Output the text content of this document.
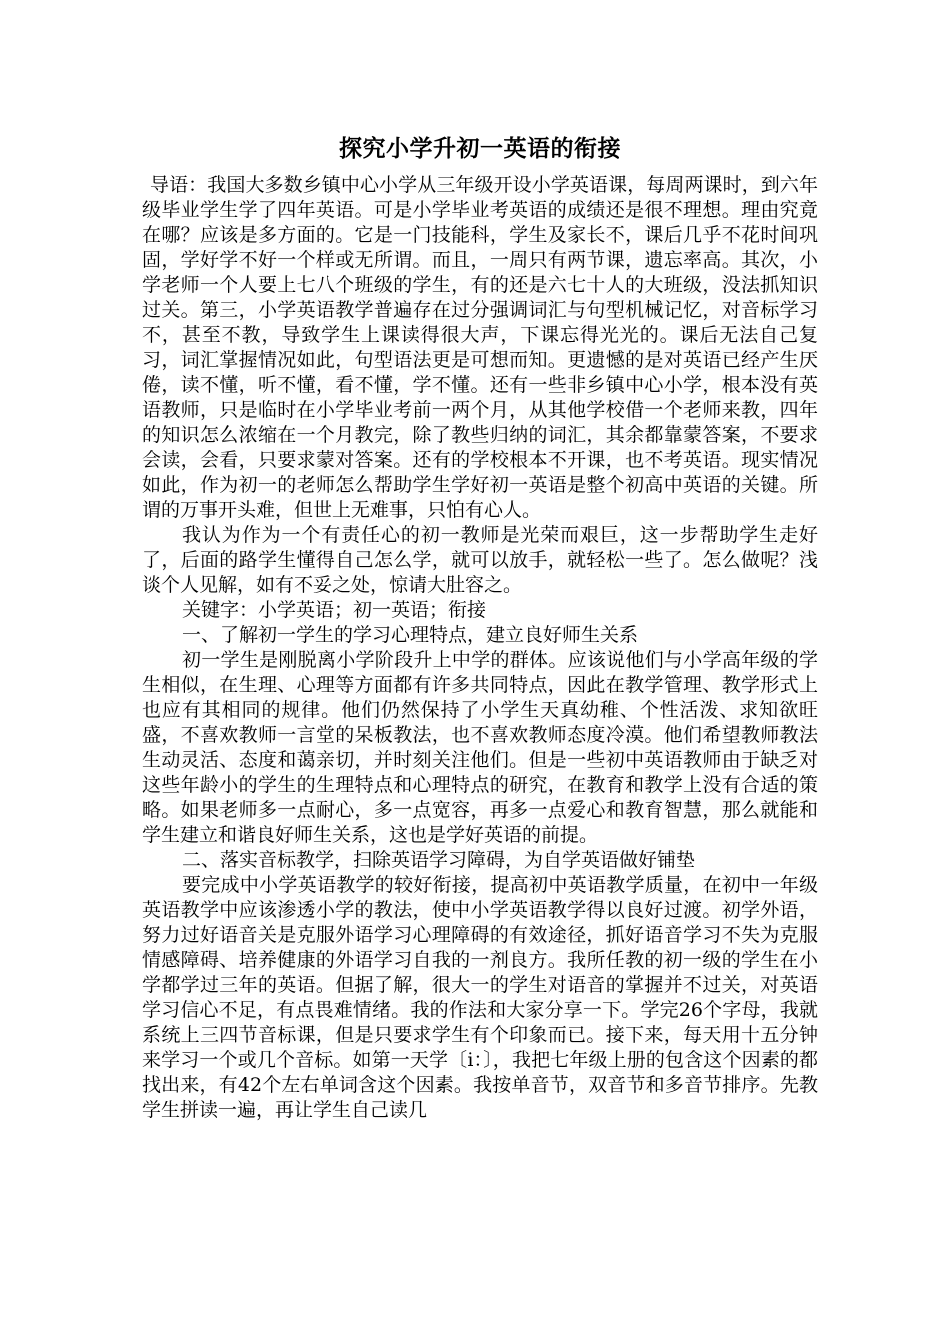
探究小学升初一英语的衔接

导语：我国大多数乡镇中心小学从三年级开设小学英语课，每周两课时，到六年级毕业学生学了四年英语。可是小学毕业考英语的成绩还是很不理想。理由究竟在哪？应该是多方面的。它是一门技能科，学生及家长不，课后几乎不花时间巩固，学好学不好一个样或无所谓。而且，一周只有两节课，遗忘率高。其次，小学老师一个人要上七八个班级的学生，有的还是六七十人的大班级，没法抓知识过关。第三，小学英语教学普遍存在过分强调词汇与句型机械记忆，对音标学习不，甚至不教，导致学生上课读得很大声，下课忘得光光的。课后无法自己复习，词汇掌握情况如此，句型语法更是可想而知。更遗憾的是对英语已经产生厌倦，读不懂，听不懂，看不懂，学不懂。还有一些非乡镇中心小学，根本没有英语教师，只是临时在小学毕业考前一两个月，从其他学校借一个老师来教，四年的知识怎么浓缩在一个月教完，除了教些归纳的词汇，其余都靠蒙答案，不要求会读，会看，只要求蒙对答案。还有的学校根本不开课，也不考英语。现实情况如此，作为初一的老师怎么帮助学生学好初一英语是整个初高中英语的关键。所谓的万事开头难，但世上无难事，只怕有心人。

我认为作为一个有责任心的初一教师是光荣而艰巨，这一步帮助学生走好了，后面的路学生懂得自己怎么学，就可以放手，就轻松一些了。怎么做呢？浅谈个人见解，如有不妥之处，惊请大肚容之。

关键字：小学英语；初一英语；衔接

一、了解初一学生的学习心理特点，建立良好师生关系

初一学生是刚脱离小学阶段升上中学的群体。应该说他们与小学高年级的学生相似，在生理、心理等方面都有许多共同特点，因此在教学管理、教学形式上也应有其相同的规律。他们仍然保持了小学生天真幼稚、个性活泼、求知欲旺盛，不喜欢教师一言堂的呆板教法，也不喜欢教师态度冷漠。他们希望教师教法生动灵活、态度和蔼亲切，并时刻关注他们。但是一些初中英语教师由于缺乏对这些年龄小的学生的生理特点和心理特点的研究，在教育和教学上没有合适的策略。如果老师多一点耐心，多一点宽容，再多一点爱心和教育智慧，那么就能和学生建立和谐良好师生关系，这也是学好英语的前提。

二、落实音标教学，扫除英语学习障碍，为自学英语做好铺垫

要完成中小学英语教学的较好衔接，提高初中英语教学质量，在初中一年级英语教学中应该渗透小学的教法，使中小学英语教学得以良好过渡。初学外语，努力过好语音关是克服外语学习心理障碍的有效途径，抓好语音学习不失为克服情感障碍、培养健康的外语学习自我的一剂良方。我所任教的初一级的学生在小学都学过三年的英语。但据了解，很大一的学生对语音的掌握并不过关，对英语学习信心不足，有点畏难情绪。我的作法和大家分享一下。学完26个字母，我就系统上三四节音标课，但是只要求学生有个印象而已。接下来，每天用十五分钟来学习一个或几个音标。如第一天学〔i：〕，我把七年级上册的包含这个因素的都找出来，有42个左右单词含这个因素。我按单音节，双音节和多音节排序。先教学生拼读一遍，再让学生自己读几
